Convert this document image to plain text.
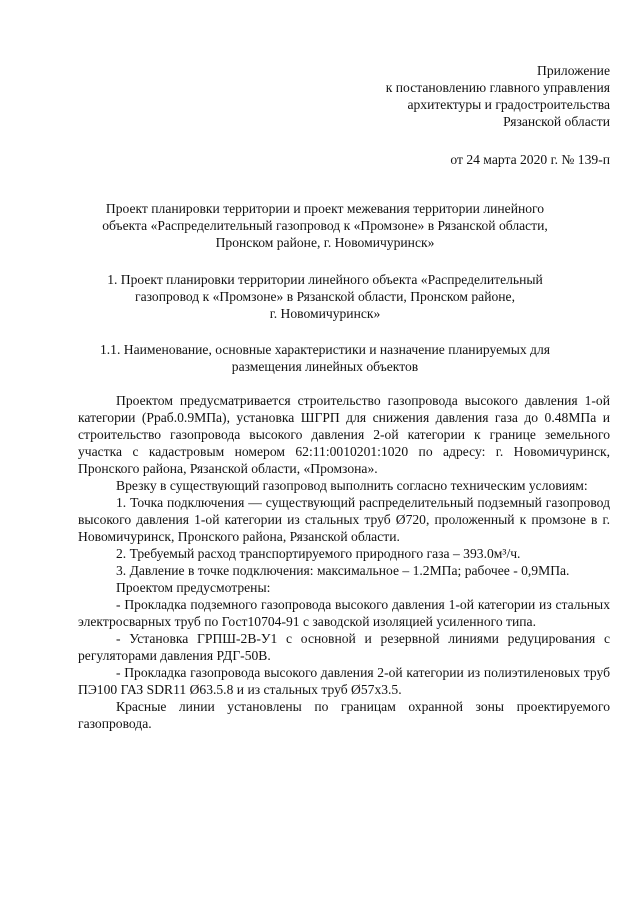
Приложение
к постановлению главного управления
архитектуры и градостроительства
Рязанской области
от 24 марта 2020 г. № 139-п
Проект планировки территории и проект межевания территории линейного
объекта «Распределительный газопровод к «Промзоне» в Рязанской области,
Пронском районе, г. Новомичуринск»
1. Проект планировки территории линейного объекта «Распределительный
газопровод к «Промзоне» в Рязанской области, Пронском районе,
г. Новомичуринск»
1.1. Наименование, основные характеристики и назначение планируемых для
размещения линейных объектов

Проектом предусматривается строительство газопровода высокого давления 1-ой категории (Рраб.0.9МПа), установка ШГРП для снижения давления газа до 0.48МПа и строительство газопровода высокого давления 2-ой категории к границе земельного участка с кадастровым номером 62:11:0010201:1020 по адресу: г. Новомичуринск, Пронского района, Рязанской области, «Промзона».

Врезку в существующий газопровод выполнить согласно техническим условиям:

1. Точка подключения — существующий распределительный подземный газопровод высокого давления 1-ой категории из стальных труб Ø720, проложенный к промзоне в г. Новомичуринск, Пронского района, Рязанской области.

2. Требуемый расход транспортируемого природного газа – 393.0м³/ч.

3. Давление в точке подключения: максимальное – 1.2МПа; рабочее - 0,9МПа.

Проектом предусмотрены:

- Прокладка подземного газопровода высокого давления 1-ой категории из стальных электросварных труб по Гост10704-91 с заводской изоляцией усиленного типа.

- Установка ГРПШ-2В-У1 с основной и резервной линиями редуцирования с регуляторами давления РДГ-50В.

- Прокладка газопровода высокого давления 2-ой категории из полиэтиленовых труб ПЭ100 ГАЗ SDR11 Ø63.5.8 и из стальных труб Ø57х3.5.

Красные линии установлены по границам охранной зоны проектируемого газопровода.
